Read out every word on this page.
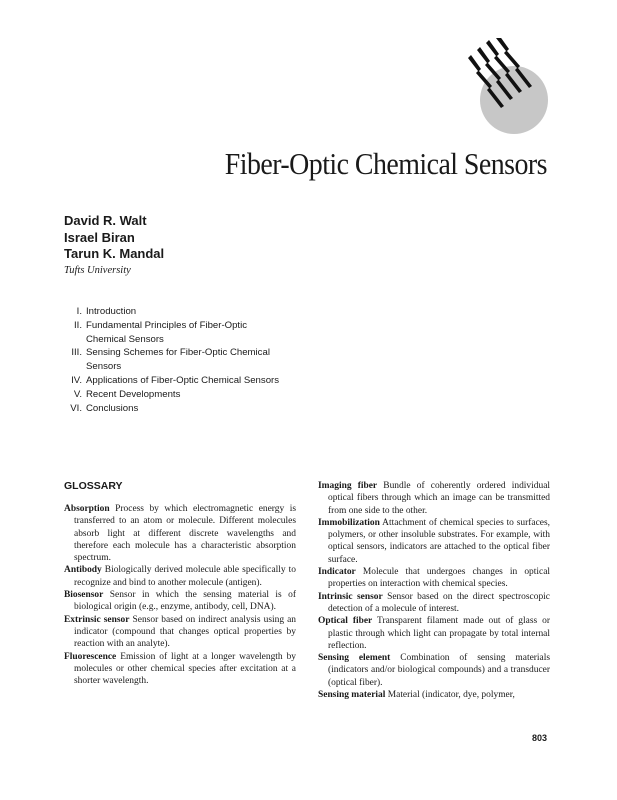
Fiber-Optic Chemical Sensors
David R. Walt
Israel Biran
Tarun K. Mandal
Tufts University
I. Introduction
II. Fundamental Principles of Fiber-Optic Chemical Sensors
III. Sensing Schemes for Fiber-Optic Chemical Sensors
IV. Applications of Fiber-Optic Chemical Sensors
V. Recent Developments
VI. Conclusions
GLOSSARY

Absorption Process by which electromagnetic energy is transferred to an atom or molecule. Different molecules absorb light at different discrete wavelengths and therefore each molecule has a characteristic absorption spectrum.

Antibody Biologically derived molecule able specifically to recognize and bind to another molecule (antigen).

Biosensor Sensor in which the sensing material is of biological origin (e.g., enzyme, antibody, cell, DNA).

Extrinsic sensor Sensor based on indirect analysis using an indicator (compound that changes optical properties by reaction with an analyte).

Fluorescence Emission of light at a longer wavelength by molecules or other chemical species after excitation at a shorter wavelength.

Imaging fiber Bundle of coherently ordered individual optical fibers through which an image can be transmitted from one side to the other.

Immobilization Attachment of chemical species to surfaces, polymers, or other insoluble substrates. For example, with optical sensors, indicators are attached to the optical fiber surface.

Indicator Molecule that undergoes changes in optical properties on interaction with chemical species.

Intrinsic sensor Sensor based on the direct spectroscopic detection of a molecule of interest.

Optical fiber Transparent filament made out of glass or plastic through which light can propagate by total internal reflection.

Sensing element Combination of sensing materials (indicators and/or biological compounds) and a transducer (optical fiber).

Sensing material Material (indicator, dye, polymer,

803
